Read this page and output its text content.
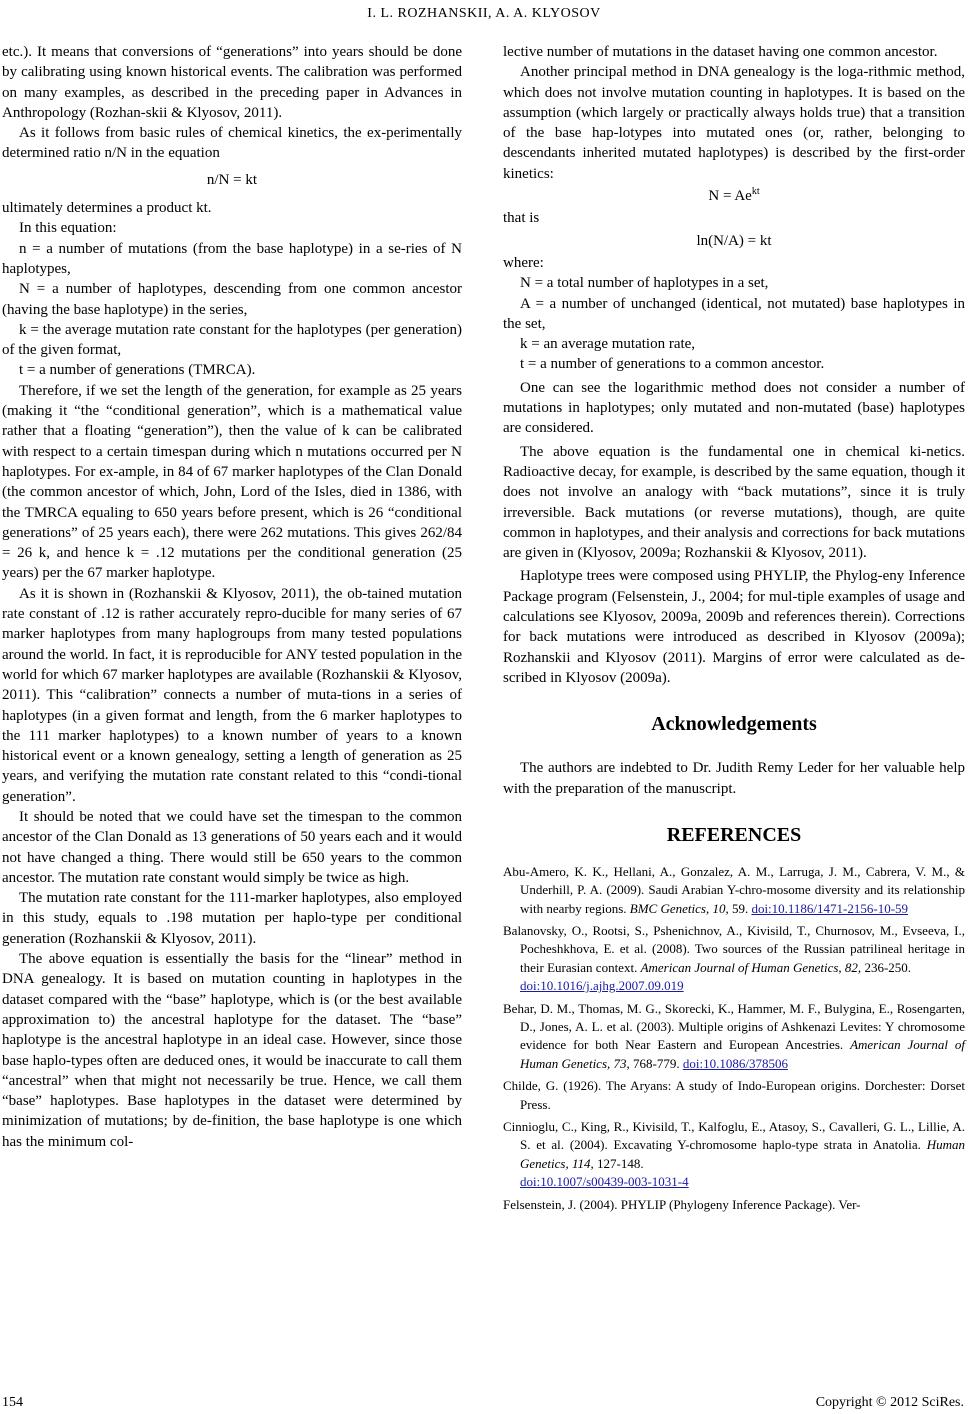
I. L. ROZHANSKII, A. A. KLYOSOV

etc.). It means that conversions of “generations” into years should be done by calibrating using known historical events. The calibration was performed on many examples, as described in the preceding paper in Advances in Anthropology (Rozhan-skii & Klyosov, 2011).

As it follows from basic rules of chemical kinetics, the ex-perimentally determined ratio n/N in the equation

n/N = kt

ultimately determines a product kt.

In this equation:

n = a number of mutations (from the base haplotype) in a se-ries of N haplotypes,

N = a number of haplotypes, descending from one common ancestor (having the base haplotype) in the series,

k = the average mutation rate constant for the haplotypes (per generation) of the given format,

t = a number of generations (TMRCA).

Therefore, if we set the length of the generation, for example as 25 years (making it “the “conditional generation”, which is a mathematical value rather that a floating “generation”), then the value of k can be calibrated with respect to a certain timespan during which n mutations occurred per N haplotypes. For ex-ample, in 84 of 67 marker haplotypes of the Clan Donald (the common ancestor of which, John, Lord of the Isles, died in 1386, with the TMRCA equaling to 650 years before present, which is 26 “conditional generations” of 25 years each), there were 262 mutations. This gives 262/84 = 26 k, and hence k = .12 mutations per the conditional generation (25 years) per the 67 marker haplotype.

As it is shown in (Rozhanskii & Klyosov, 2011), the ob-tained mutation rate constant of .12 is rather accurately repro-ducible for many series of 67 marker haplotypes from many haplogroups from many tested populations around the world. In fact, it is reproducible for ANY tested population in the world for which 67 marker haplotypes are available (Rozhanskii & Klyosov, 2011). This “calibration” connects a number of muta-tions in a series of haplotypes (in a given format and length, from the 6 marker haplotypes to the 111 marker haplotypes) to a known number of years to a known historical event or a known genealogy, setting a length of generation as 25 years, and verifying the mutation rate constant related to this “condi-tional generation”.

It should be noted that we could have set the timespan to the common ancestor of the Clan Donald as 13 generations of 50 years each and it would not have changed a thing. There would still be 650 years to the common ancestor. The mutation rate constant would simply be twice as high.

The mutation rate constant for the 111-marker haplotypes, also employed in this study, equals to .198 mutation per haplo-type per conditional generation (Rozhanskii & Klyosov, 2011).

The above equation is essentially the basis for the “linear” method in DNA genealogy. It is based on mutation counting in haplotypes in the dataset compared with the “base” haplotype, which is (or the best available approximation to) the ancestral haplotype for the dataset. The “base” haplotype is the ancestral haplotype in an ideal case. However, since those base haplo-types often are deduced ones, it would be inaccurate to call them “ancestral” when that might not necessarily be true. Hence, we call them “base” haplotypes. Base haplotypes in the dataset were determined by minimization of mutations; by de-finition, the base haplotype is one which has the minimum col-

lective number of mutations in the dataset having one common ancestor.

Another principal method in DNA genealogy is the loga-rithmic method, which does not involve mutation counting in haplotypes. It is based on the assumption (which largely or practically always holds true) that a transition of the base hap-lotypes into mutated ones (or, rather, belonging to descendants inherited mutated haplotypes) is described by the first-order kinetics:

$N = Ae^{kt}$

that is

ln(N/A) = kt

where:

N = a total number of haplotypes in a set,

A = a number of unchanged (identical, not mutated) base haplotypes in the set,

k = an average mutation rate,

t = a number of generations to a common ancestor.

One can see the logarithmic method does not consider a number of mutations in haplotypes; only mutated and non-mutated (base) haplotypes are considered.

The above equation is the fundamental one in chemical ki-netics. Radioactive decay, for example, is described by the same equation, though it does not involve an analogy with “back mutations”, since it is truly irreversible. Back mutations (or reverse mutations), though, are quite common in haplotypes, and their analysis and corrections for back mutations are given in (Klyosov, 2009a; Rozhanskii & Klyosov, 2011).

Haplotype trees were composed using PHYLIP, the Phylog-eny Inference Package program (Felsenstein, J., 2004; for mul-tiple examples of usage and calculations see Klyosov, 2009a, 2009b and references therein). Corrections for back mutations were introduced as described in Klyosov (2009a); Rozhanskii and Klyosov (2011). Margins of error were calculated as de-scribed in Klyosov (2009a).

Acknowledgements

The authors are indebted to Dr. Judith Remy Leder for her valuable help with the preparation of the manuscript.

REFERENCES

Abu-Amero, K. K., Hellani, A., Gonzalez, A. M., Larruga, J. M., Cabrera, V. M., & Underhill, P. A. (2009). Saudi Arabian Y-chro-mosome diversity and its relationship with nearby regions. BMC Genetics, 10, 59. doi:10.1186/1471-2156-10-59

Balanovsky, O., Rootsi, S., Pshenichnov, A., Kivisild, T., Churnosov, M., Evseeva, I., Pocheshkhova, E. et al. (2008). Two sources of the Russian patrilineal heritage in their Eurasian context. American Journal of Human Genetics, 82, 236-250.
doi:10.1016/j.ajhg.2007.09.019

Behar, D. M., Thomas, M. G., Skorecki, K., Hammer, M. F., Bulygina, E., Rosengarten, D., Jones, A. L. et al. (2003). Multiple origins of Ashkenazi Levites: Y chromosome evidence for both Near Eastern and European Ancestries. American Journal of Human Genetics, 73, 768-779. doi:10.1086/378506

Childe, G. (1926). The Aryans: A study of Indo-European origins. Dorchester: Dorset Press.

Cinnioglu, C., King, R., Kivisild, T., Kalfoglu, E., Atasoy, S., Cavalleri, G. L., Lillie, A. S. et al. (2004). Excavating Y-chromosome haplo-type strata in Anatolia. Human Genetics, 114, 127-148.
doi:10.1007/s00439-003-1031-4

Felsenstein, J. (2004). PHYLIP (Phylogeny Inference Package). Ver-

154	Copyright © 2012 SciRes.
